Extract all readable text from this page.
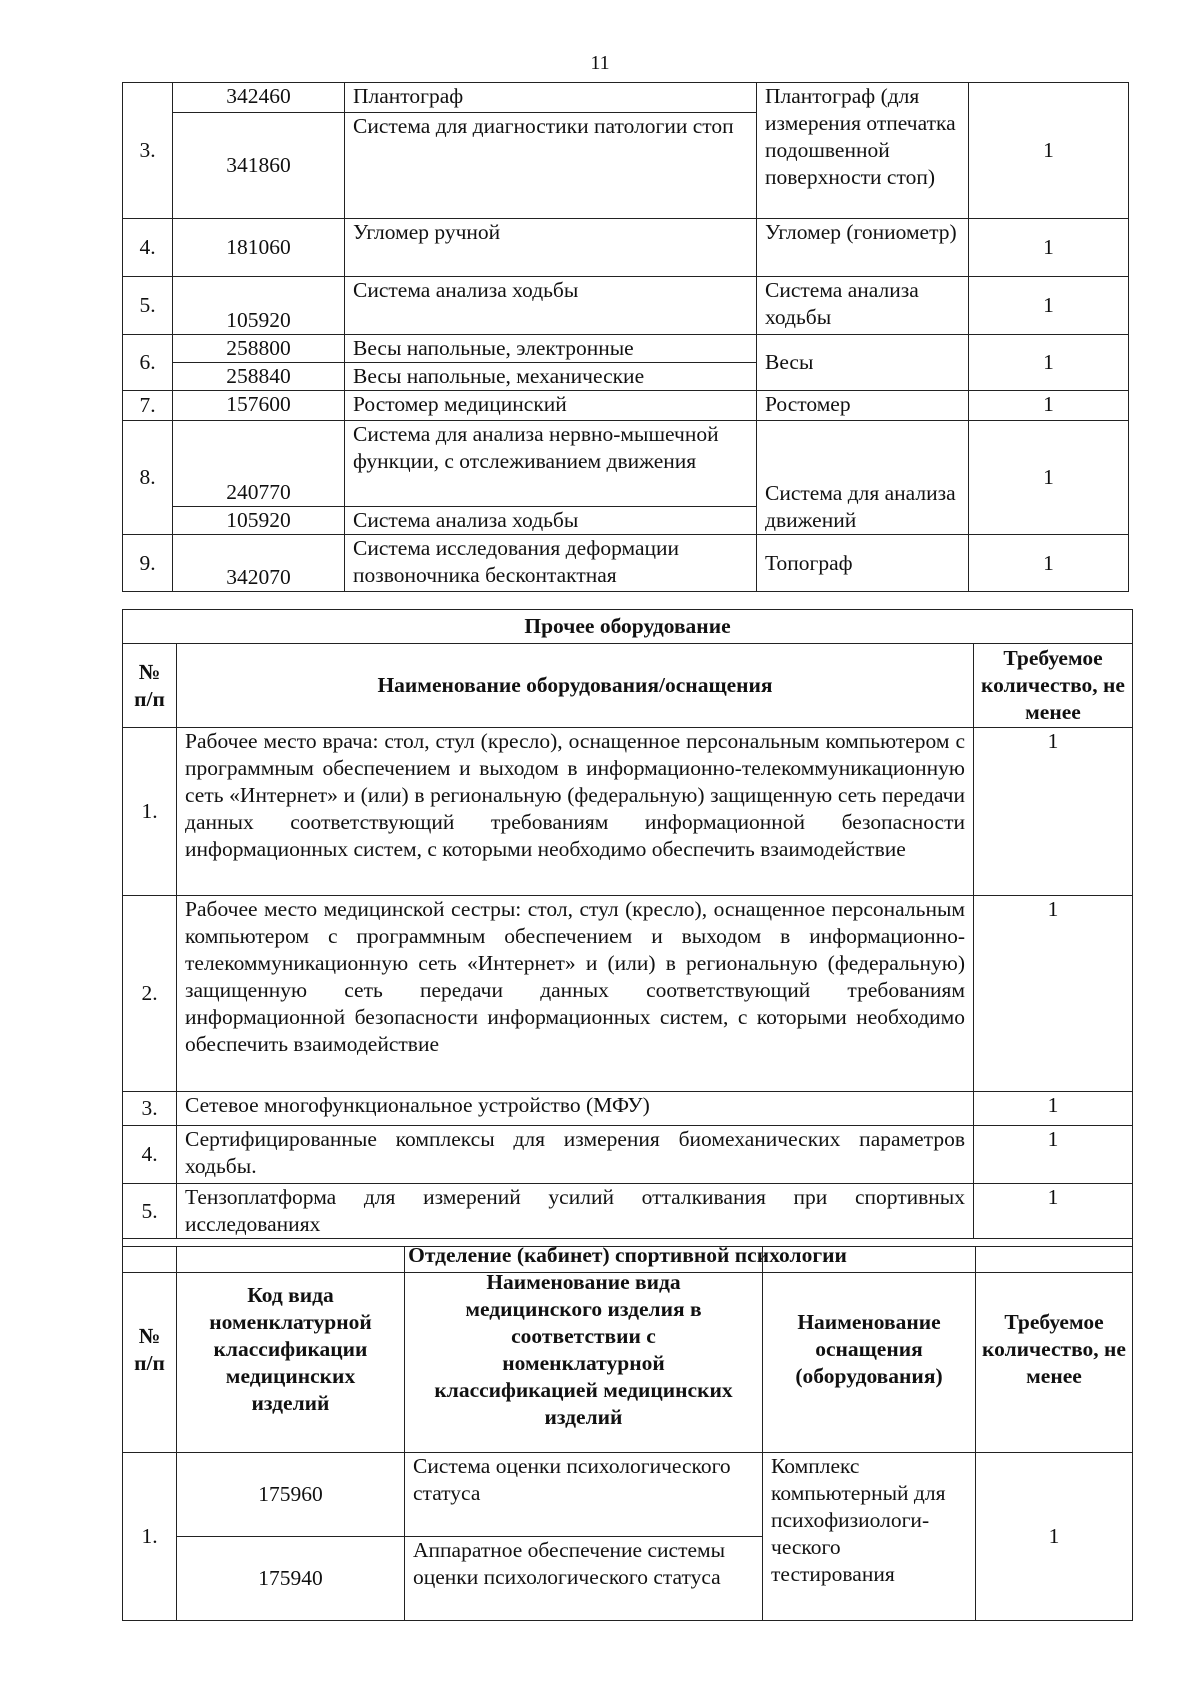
11
3.	342460	Плантограф	Плантограф (для измерения отпечатка подошвенной поверхности стоп)	1
	341860	Система для диагностики патологии стоп		
4.	181060	Угломер ручной	Угломер (гониометр)	1
5.	105920	Система анализа ходьбы	Система анализа ходьбы	1
6.	258800	Весы напольные, электронные	Весы	1
	258840	Весы напольные, механические		
7.	157600	Ростомер медицинский	Ростомер	1
8.	240770	Система для анализа нервно-мышечной функции, с отслеживанием движения	Система для анализа движений	1
	105920	Система анализа ходьбы		
9.	342070	Система исследования деформации позвоночника бесконтактная	Топограф	1
Прочее оборудование		
№ п/п	Наименование оборудования/оснащения	Требуемое количество, не менее
1.	Рабочее место врача: стол, стул (кресло), оснащенное персональным компьютером с программным обеспечением и выходом в информационно-телекоммуникационную сеть «Интернет» и (или) в региональную (федеральную) защищенную сеть передачи данных соответствующий требованиям информационной безопасности информационных систем, с которыми необходимо обеспечить взаимодействие	1
2.	Рабочее место медицинской сестры: стол, стул (кресло), оснащенное персональным компьютером с программным обеспечением и выходом в информационно-телекоммуникационную сеть «Интернет» и (или) в региональную (федеральную) защищенную сеть передачи данных соответствующий требованиям информационной безопасности информационных систем, с которыми необходимо обеспечить взаимодействие	1
3.	Сетевое многофункциональное устройство (МФУ)	1
4.	Сертифицированные комплексы для измерения биомеханических параметров ходьбы.	1
5.	Тензоплатформа для измерений усилий отталкивания при спортивных исследованиях	1
Отделение (кабинет) спортивной психологии		
№ п/п	Код вида номенклатурной классификации медицинских изделий	Наименование вида медицинского изделия в соответствии с номенклатурной классификацией медицинских изделий	Наименование оснащения (оборудования)	Требуемое количество, не менее
1.	175960	Система оценки психологического статуса	Комплекс компьютерный для психофизиологи-ческого тестирования	1
	175940	Аппаратное обеспечение системы оценки психологического статуса		
